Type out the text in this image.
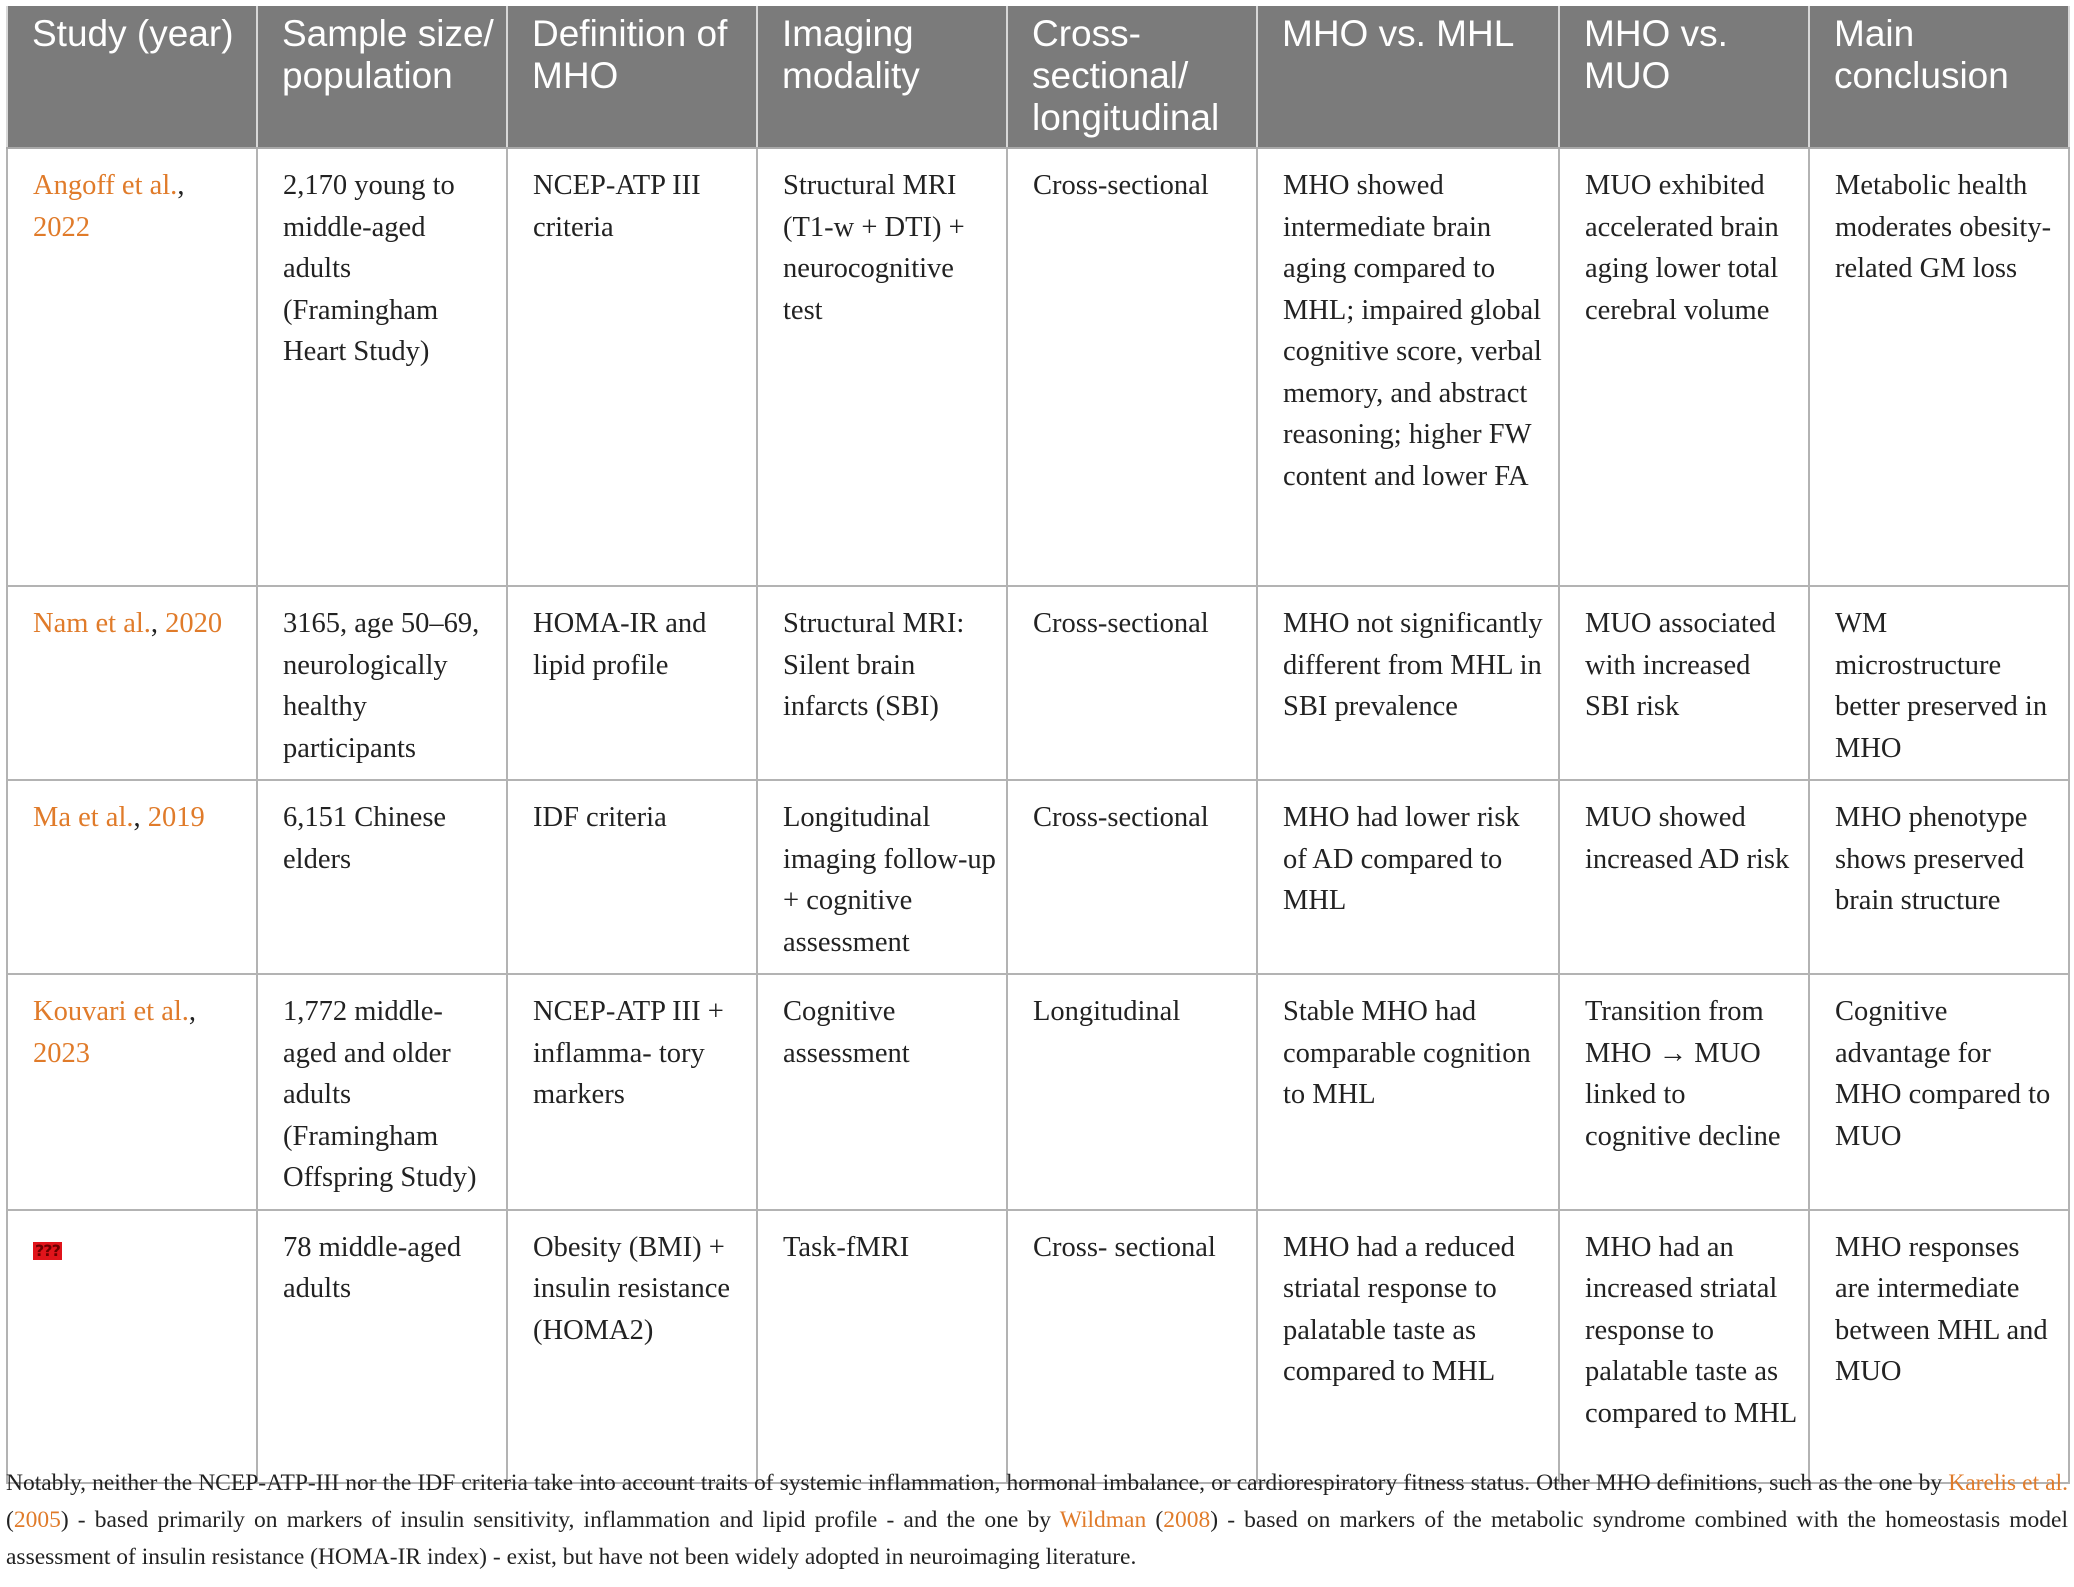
Study (year)	Sample size/ population	Definition of MHO	Imaging modality	Cross-sectional/ longitudinal	MHO vs. MHL	MHO vs. MUO	Main conclusion
Angoff et al., 2022	2,170 young to middle-aged adults (Framingham Heart Study)	NCEP-ATP III criteria	Structural MRI (T1-w + DTI) + neurocognitive test	Cross-sectional	MHO showed intermediate brain aging compared to MHL; impaired global cognitive score, verbal memory, and abstract reasoning; higher FW content and lower FA	MUO exhibited accelerated brain aging lower total cerebral volume	Metabolic health moderates obesity-related GM loss
Nam et al., 2020	3165, age 50–69, neurologically healthy participants	HOMA-IR and lipid profile	Structural MRI: Silent brain infarcts (SBI)	Cross-sectional	MHO not significantly different from MHL in SBI prevalence	MUO associated with increased SBI risk	WM microstructure better preserved in MHO
Ma et al., 2019	6,151 Chinese elders	IDF criteria	Longitudinal imaging follow-up + cognitive assessment	Cross-sectional	MHO had lower risk of AD compared to MHL	MUO showed increased AD risk	MHO phenotype shows preserved brain structure
Kouvari et al., 2023	1,772 middle-aged and older adults (Framingham Offspring Study)	NCEP-ATP III + inflamma- tory markers	Cognitive assessment	Longitudinal	Stable MHO had comparable cognition to MHL	Transition from MHO → MUO linked to cognitive decline	Cognitive advantage for MHO compared to MUO
???	78 middle-aged adults	Obesity (BMI) + insulin resistance (HOMA2)	Task-fMRI	Cross- sectional	MHO had a reduced striatal response to palatable taste as compared to MHL	MHO had an increased striatal response to palatable taste as compared to MHL	MHO responses are intermediate between MHL and MUO
Notably, neither the NCEP-ATP-III nor the IDF criteria take into account traits of systemic inflammation, hormonal imbalance, or cardiorespiratory fitness status. Other MHO definitions, such as the one by Karelis et al. (2005) - based primarily on markers of insulin sensitivity, inflammation and lipid profile - and the one by Wildman (2008) - based on markers of the metabolic syndrome combined with the homeostasis model assessment of insulin resistance (HOMA-IR index) - exist, but have not been widely adopted in neuroimaging literature.
